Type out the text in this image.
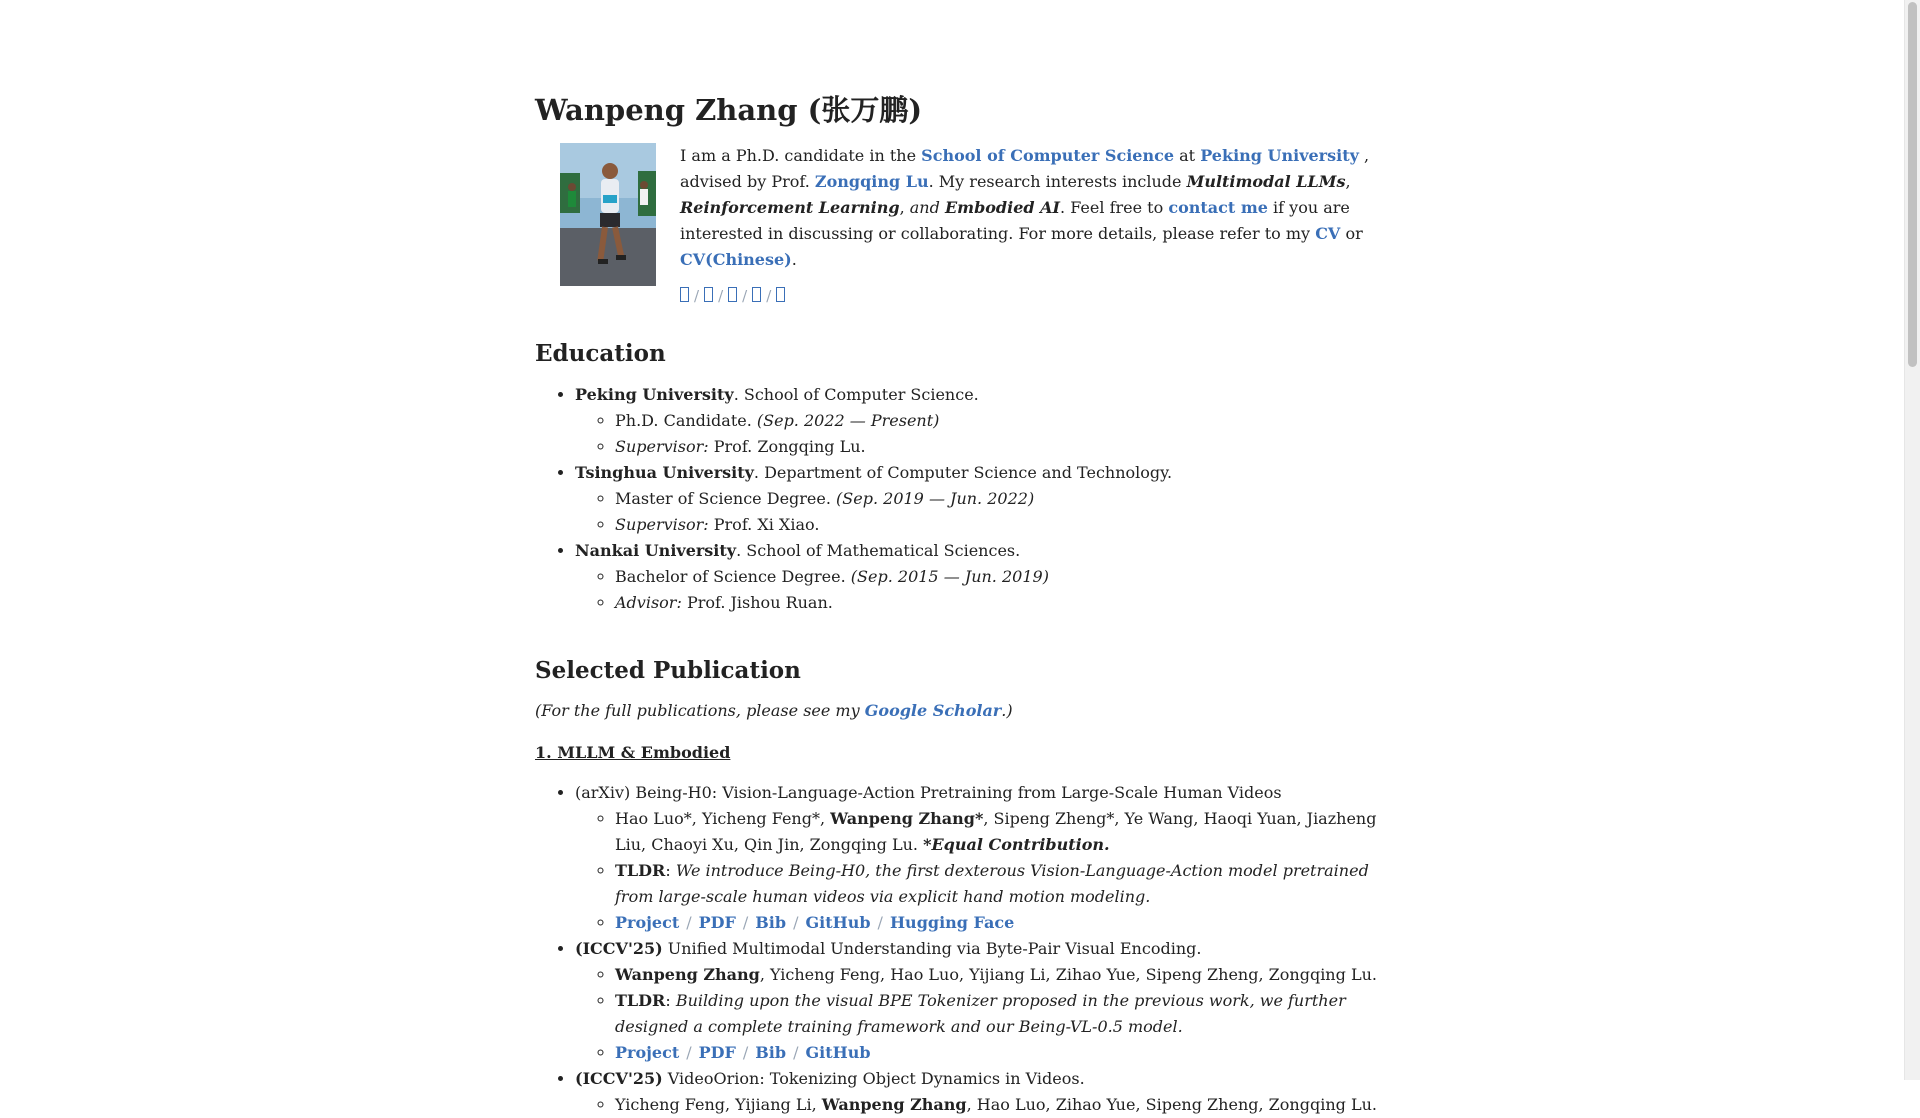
Wanpeng Zhang (张万鹏)

I am a Ph.D. candidate in the School of Computer Science at Peking University , advised by Prof. Zongqing Lu. My research interests include Multimodal LLMs, Reinforcement Learning, and Embodied AI. Feel free to contact me if you are interested in discussing or collaborating. For more details, please refer to my CV or CV(Chinese).

/ / / /
Education
• Peking University. School of Computer Science.
◦ Ph.D. Candidate. (Sep. 2022 — Present)
◦ Supervisor: Prof. Zongqing Lu.
• Tsinghua University. Department of Computer Science and Technology.
◦ Master of Science Degree. (Sep. 2019 — Jun. 2022)
◦ Supervisor: Prof. Xi Xiao.
• Nankai University. School of Mathematical Sciences.
◦ Bachelor of Science Degree. (Sep. 2015 — Jun. 2019)
◦ Advisor: Prof. Jishou Ruan.
Selected Publication
(For the full publications, please see my Google Scholar.)
1. MLLM & Embodied
• (arXiv) Being-H0: Vision-Language-Action Pretraining from Large-Scale Human Videos
◦ Hao Luo*, Yicheng Feng*, Wanpeng Zhang*, Sipeng Zheng*, Ye Wang, Haoqi Yuan, Jiazheng Liu, Chaoyi Xu, Qin Jin, Zongqing Lu. *Equal Contribution.
◦ TLDR: We introduce Being-H0, the first dexterous Vision-Language-Action model pretrained from large-scale human videos via explicit hand motion modeling.
◦ Project / PDF / Bib / GitHub / Hugging Face
• (ICCV'25) Unified Multimodal Understanding via Byte-Pair Visual Encoding.
◦ Wanpeng Zhang, Yicheng Feng, Hao Luo, Yijiang Li, Zihao Yue, Sipeng Zheng, Zongqing Lu.
◦ TLDR: Building upon the visual BPE Tokenizer proposed in the previous work, we further designed a complete training framework and our Being-VL-0.5 model.
◦ Project / PDF / Bib / GitHub
• (ICCV'25) VideoOrion: Tokenizing Object Dynamics in Videos.
◦ Yicheng Feng, Yijiang Li, Wanpeng Zhang, Hao Luo, Zihao Yue, Sipeng Zheng, Zongqing Lu.
